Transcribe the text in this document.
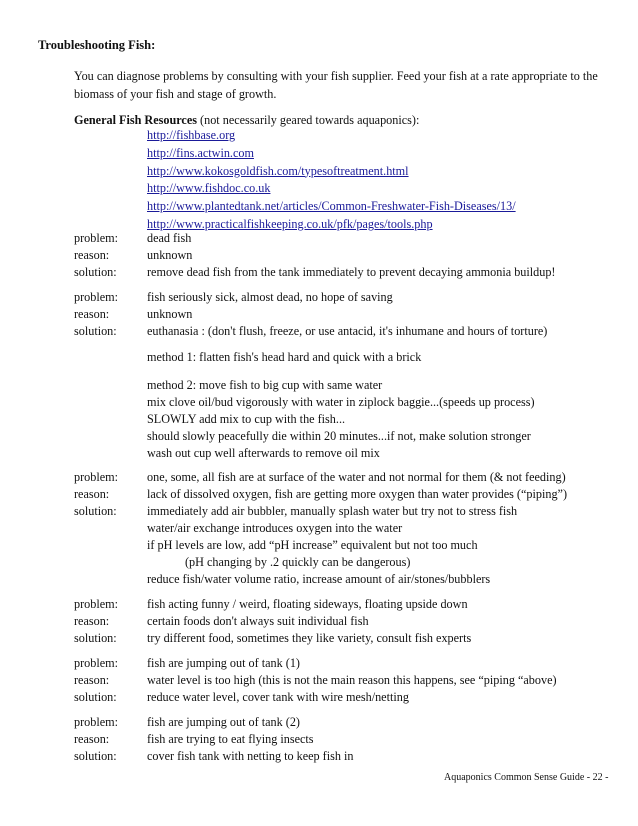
Troubleshooting Fish:
You can diagnose problems by consulting with your fish supplier. Feed your fish at a rate appropriate to the biomass of your fish and stage of growth.
General Fish Resources (not necessarily geared towards aquaponics):
http://fishbase.org
http://fins.actwin.com
http://www.kokosgoldfish.com/typesoftreatment.html
http://www.fishdoc.co.uk
http://www.plantedtank.net/articles/Common-Freshwater-Fish-Diseases/13/
http://www.practicalfishkeeping.co.uk/pfk/pages/tools.php
problem: dead fish
reason:	unknown
solution: remove dead fish from the tank immediately to prevent decaying ammonia buildup!
problem: fish seriously sick, almost dead, no hope of saving
reason:	unknown
solution: euthanasia : (don't flush, freeze, or use antacid, it's inhumane and hours of torture)
method 1: flatten fish's head hard and quick with a brick
method 2: move fish to big cup with same water
mix clove oil/bud vigorously with water in ziplock baggie...(speeds up process)
SLOWLY add mix to cup with the fish...
should slowly peacefully die within 20 minutes...if not, make solution stronger
wash out cup well afterwards to remove oil mix
problem: one, some, all fish are at surface of the water and not normal for them (& not feeding)
reason:	lack of dissolved oxygen, fish are getting more oxygen than water provides (“piping”)
solution: immediately add air bubbler, manually splash water but try not to stress fish
water/air exchange introduces oxygen into the water
if pH levels are low, add “pH increase” equivalent but not too much
(pH changing by .2 quickly can be dangerous)
reduce fish/water volume ratio, increase amount of air/stones/bubblers
problem: fish acting funny / weird, floating sideways, floating upside down
reason:	certain foods don't always suit individual fish
solution: try different food, sometimes they like variety, consult fish experts
problem: fish are jumping out of tank (1)
reason:	water level is too high (this is not the main reason this happens, see “piping “above)
solution: reduce water level, cover tank with wire mesh/netting
problem: fish are jumping out of tank (2)
reason:	fish are trying to eat flying insects
solution: cover fish tank with netting to keep fish in
Aquaponics Common Sense Guide - 22 -
